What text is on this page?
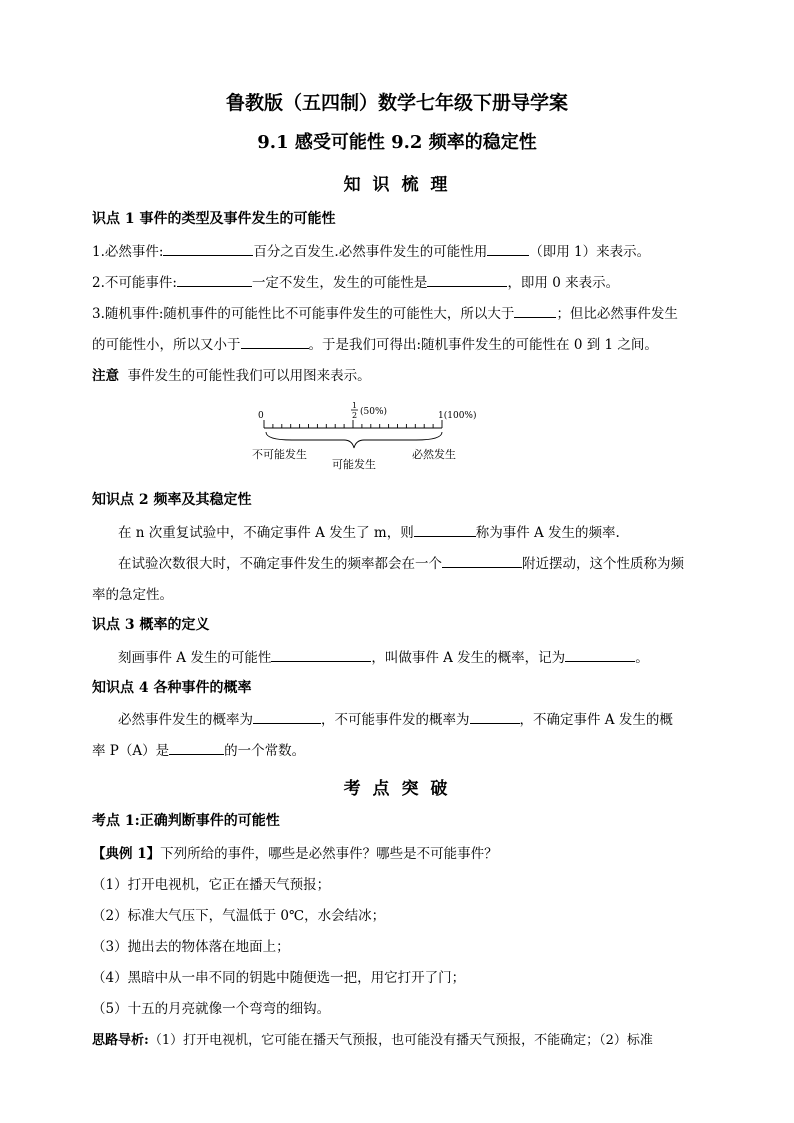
鲁教版（五四制）数学七年级下册导学案
9.1 感受可能性 9.2 频率的稳定性
知 识 梳 理
识点 1 事件的类型及事件发生的可能性
1.必然事件:	百分之百发生.必然事件发生的可能性用	（即用 1）来表示。
2.不可能事件:	一定不发生，发生的可能性是	，即用 0 来表示。
3.随机事件:随机事件的可能性比不可能事件发生的可能性大，所以大于	；但比必然事件发生
的可能性小，所以又小于	。于是我们可得出:随机事件发生的可能性在 0 到 1 之间。
注意 事件发生的可能性我们可以用图来表示。
0
1
2 (50%)	1(100%)
不可能发生
可能发生
必然发生
知识点 2 频率及其稳定性
在 n 次重复试验中，不确定事件 A 发生了 m，则	称为事件 A 发生的频率.
在试验次数很大时，不确定事件发生的频率都会在一个	附近摆动，这个性质称为频
率的急定性。
识点 3 概率的定义
刻画事件 A 发生的可能性	，叫做事件 A 发生的概率，记为	。
知识点 4 各种事件的概率
必然事件发生的概率为	，不可能事件发的概率为	，不确定事件 A 发生的概
率 P（A）是	的一个常数。
考 点 突 破
考点 1:正确判断事件的可能性
【典例 1】下列所给的事件，哪些是必然事件？哪些是不可能事件？
（1）打开电视机，它正在播天气预报；
（2）标准大气压下，气温低于 0℃，水会结冰；
（3）抛出去的物体落在地面上；
（4）黑暗中从一串不同的钥匙中随便选一把，用它打开了门；
（5）十五的月亮就像一个弯弯的细钩。
思路导析:（1）打开电视机，它可能在播天气预报，也可能没有播天气预报，不能确定；（2）标准
